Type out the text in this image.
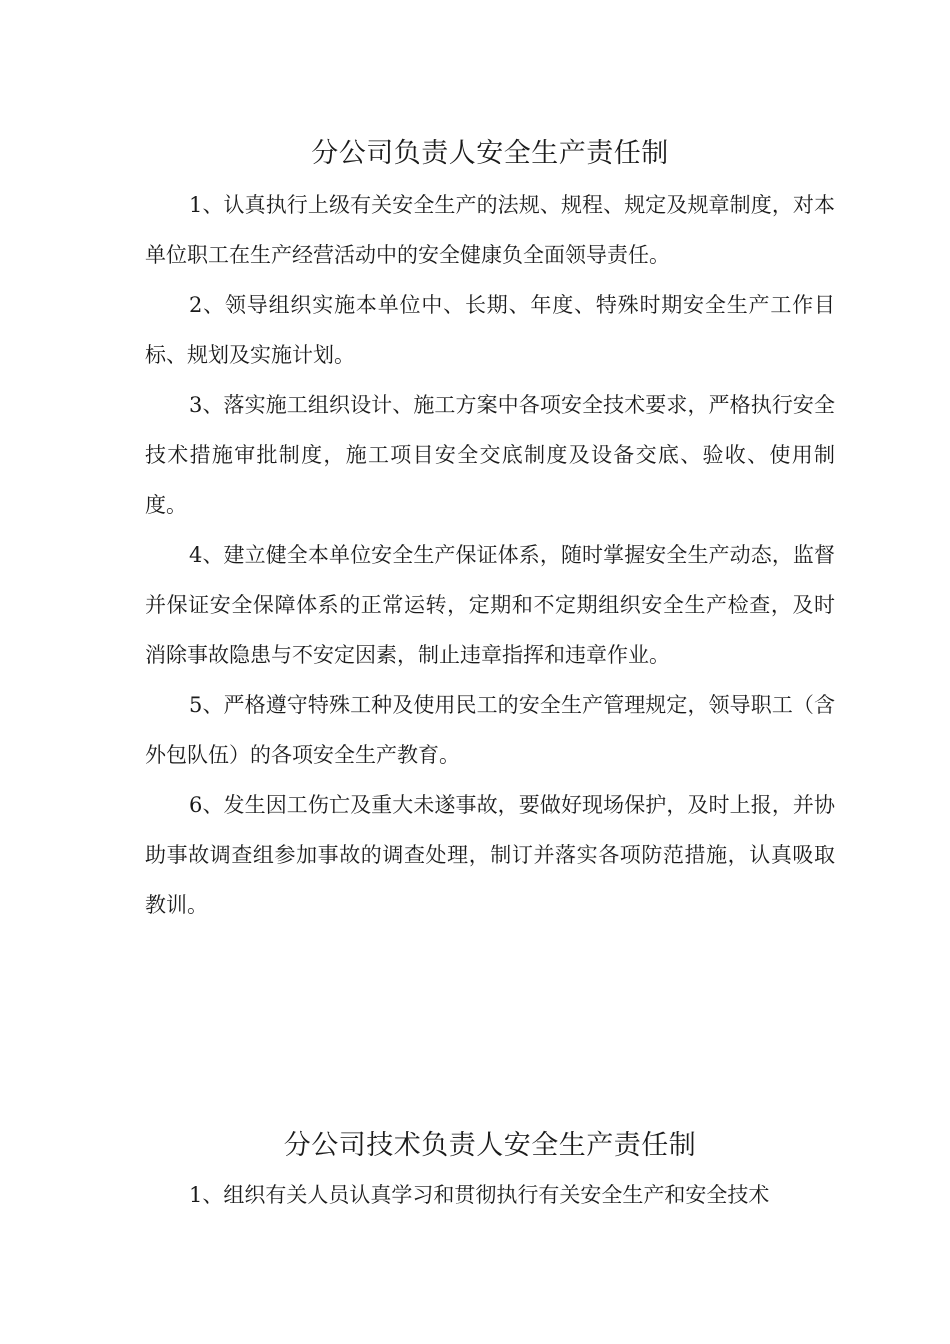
分公司负责人安全生产责任制

1、认真执行上级有关安全生产的法规、规程、规定及规章制度，对本单位职工在生产经营活动中的安全健康负全面领导责任。

2、领导组织实施本单位中、长期、年度、特殊时期安全生产工作目标、规划及实施计划。

3、落实施工组织设计、施工方案中各项安全技术要求，严格执行安全技术措施审批制度，施工项目安全交底制度及设备交底、验收、使用制度。

4、建立健全本单位安全生产保证体系，随时掌握安全生产动态，监督并保证安全保障体系的正常运转，定期和不定期组织安全生产检查，及时消除事故隐患与不安定因素，制止违章指挥和违章作业。

5、严格遵守特殊工种及使用民工的安全生产管理规定，领导职工（含外包队伍）的各项安全生产教育。

6、发生因工伤亡及重大未遂事故，要做好现场保护，及时上报，并协助事故调查组参加事故的调查处理，制订并落实各项防范措施，认真吸取教训。

分公司技术负责人安全生产责任制

1、组织有关人员认真学习和贯彻执行有关安全生产和安全技术
